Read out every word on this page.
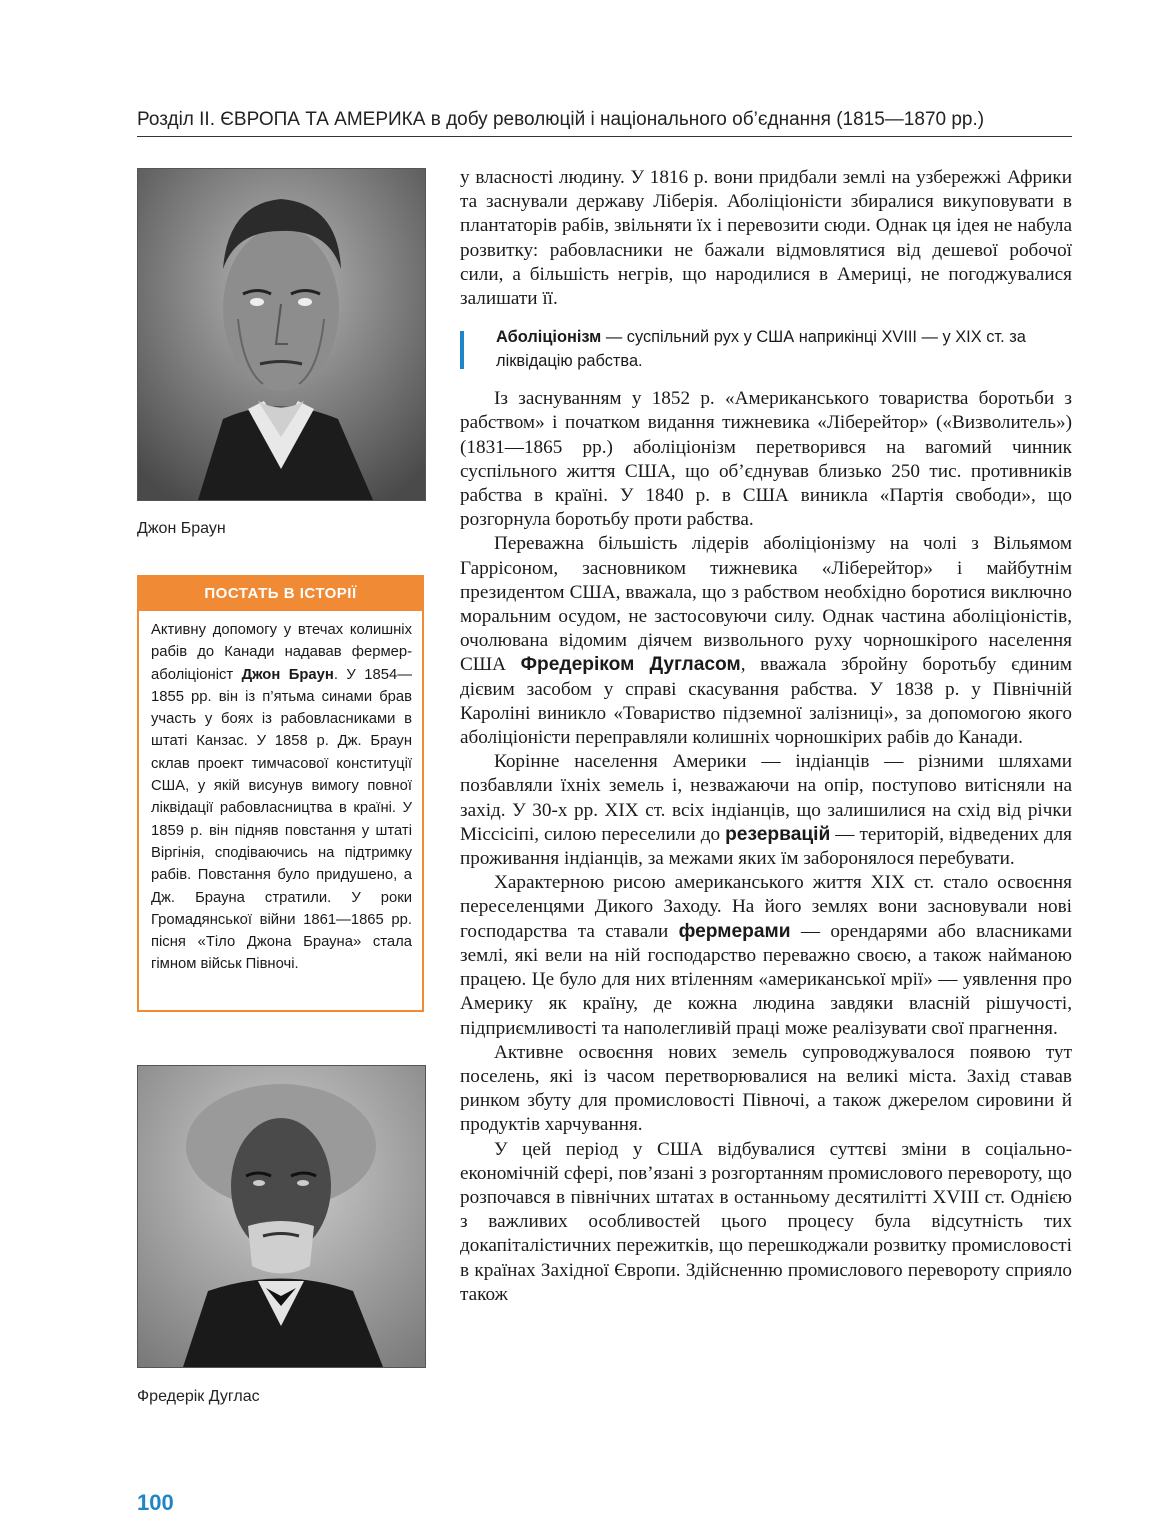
Розділ ІІ. ЄВРОПА ТА АМЕРИКА в добу революцій і національного об’єднання (1815—1870 рр.)
Джон Браун
ПОСТАТЬ В ІСТОРІЇ
Активну допомогу у втечах колишніх рабів до Канади надавав фермер-аболіціоніст Джон Браун. У 1854—1855 рр. він із п’ятьма синами брав участь у боях із рабовласниками в штаті Канзас. У 1858 р. Дж. Браун склав проект тимчасової конституції США, у якій висунув вимогу повної ліквідації рабовласництва в країні. У 1859 р. він підняв повстання у штаті Віргінія, сподіваючись на підтримку рабів. Повстання було придушено, а Дж. Брауна стратили. У роки Громадянської війни 1861—1865 рр. пісня «Тіло Джона Брауна» стала гімном військ Півночі.
Фредерік Дуглас

у власності людину. У 1816 р. вони придбали землі на узбережжі Африки та заснували державу Ліберія. Аболіціоністи збиралися викуповувати в плантаторів рабів, звільняти їх і перевозити сюди. Однак ця ідея не набула розвитку: рабовласники не бажали відмовлятися від дешевої робочої сили, а більшість негрів, що народилися в Америці, не погоджувалися залишати її.

Аболіціонізм — суспільний рух у США наприкінці XVIII — у XIX ст. за ліквідацію рабства.

Із заснуванням у 1852 р. «Американського товариства боротьби з рабством» і початком видання тижневика «Ліберейтор» («Визволитель») (1831—1865 рр.) аболіціонізм перетворився на вагомий чинник суспільного життя США, що об’єднував близько 250 тис. противників рабства в країні. У 1840 р. в США виникла «Партія свободи», що розгорнула боротьбу проти рабства.

Переважна більшість лідерів аболіціонізму на чолі з Вільямом Гаррісоном, засновником тижневика «Ліберейтор» і майбутнім президентом США, вважала, що з рабством необхідно боротися виключно моральним осудом, не застосовуючи силу. Однак частина аболіціоністів, очолювана відомим діячем визвольного руху чорношкірого населення США Фредеріком Дугласом, вважала збройну боротьбу єдиним дієвим засобом у справі скасування рабства. У 1838 р. у Північній Кароліні виникло «Товариство підземної залізниці», за допомогою якого аболіціоністи переправляли колишніх чорношкірих рабів до Канади.

Корінне населення Америки — індіанців — різними шляхами позбавляли їхніх земель і, незважаючи на опір, поступово витісняли на захід. У 30-х рр. XIX ст. всіх індіанців, що залишилися на схід від річки Міссісіпі, силою переселили до резервацій — територій, відведених для проживання індіанців, за межами яких їм заборонялося перебувати.

Характерною рисою американського життя XIX ст. стало освоєння переселенцями Дикого Заходу. На його землях вони засновували нові господарства та ставали фермерами — орендарями або власниками землі, які вели на ній господарство переважно своєю, а також найманою працею. Це було для них втіленням «американської мрії» — уявлення про Америку як країну, де кожна людина завдяки власній рішучості, підприємливості та наполегливій праці може реалізувати свої прагнення.

Активне освоєння нових земель супроводжувалося появою тут поселень, які із часом перетворювалися на великі міста. Захід ставав ринком збуту для промисловості Півночі, а також джерелом сировини й продуктів харчування.

У цей період у США відбувалися суттєві зміни в соціально-економічній сфері, пов’язані з розгортанням промислового перевороту, що розпочався в північних штатах в останньому десятилітті XVIII ст. Однією з важливих особливостей цього процесу була відсутність тих докапіталістичних пережитків, що перешкоджали розвитку промисловості в країнах Західної Європи. Здійсненню промислового перевороту сприяло також

100
